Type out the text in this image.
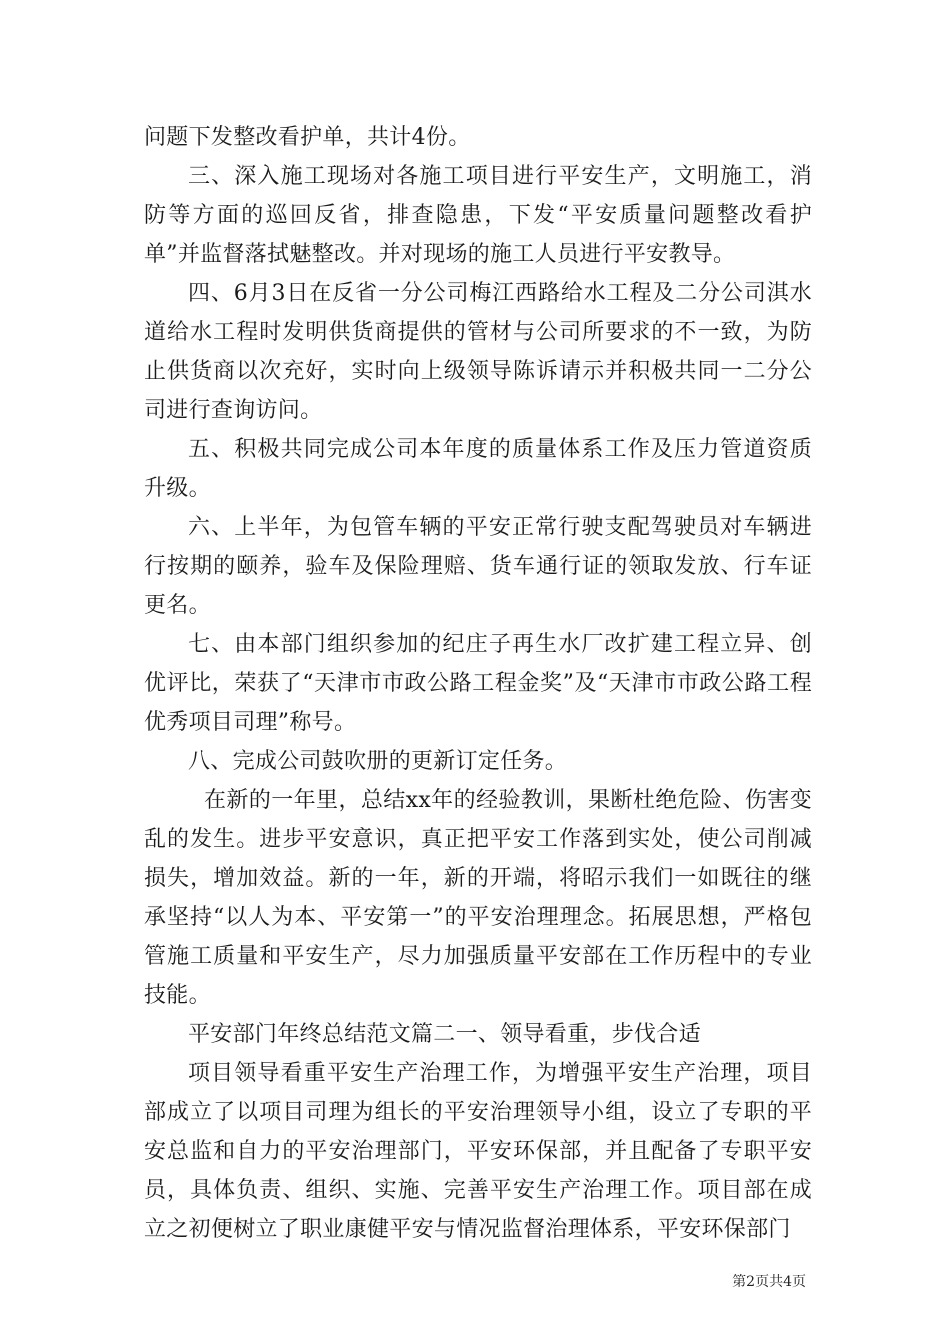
问题下发整改看护单，共计4份。

三、深入施工现场对各施工项目进行平安生产，文明施工，消防等方面的巡回反省，排查隐患，下发“平安质量问题整改看护单”并监督落拭魅整改。并对现场的施工人员进行平安教导。

四、6月3日在反省一分公司梅江西路给水工程及二分公司淇水道给水工程时发明供货商提供的管材与公司所要求的不一致，为防止供货商以次充好，实时向上级领导陈诉请示并积极共同一二分公司进行查询访问。

五、积极共同完成公司本年度的质量体系工作及压力管道资质升级。

六、上半年，为包管车辆的平安正常行驶支配驾驶员对车辆进行按期的颐养，验车及保险理赔、货车通行证的领取发放、行车证更名。

七、由本部门组织参加的纪庄子再生水厂改扩建工程立异、创优评比，荣获了“天津市市政公路工程金奖”及“天津市市政公路工程优秀项目司理”称号。

八、完成公司鼓吹册的更新订定任务。

在新的一年里，总结xx年的经验教训，果断杜绝危险、伤害变乱的发生。进步平安意识，真正把平安工作落到实处，使公司削减损失，增加效益。新的一年，新的开端，将昭示我们一如既往的继承坚持“以人为本、平安第一”的平安治理理念。拓展思想，严格包管施工质量和平安生产，尽力加强质量平安部在工作历程中的专业技能。

平安部门年终总结范文篇二一、领导看重，步伐合适

项目领导看重平安生产治理工作，为增强平安生产治理，项目部成立了以项目司理为组长的平安治理领导小组，设立了专职的平安总监和自力的平安治理部门，平安环保部，并且配备了专职平安员，具体负责、组织、实施、完善平安生产治理工作。项目部在成立之初便树立了职业康健平安与情况监督治理体系，平安环保部门

第2页共4页
